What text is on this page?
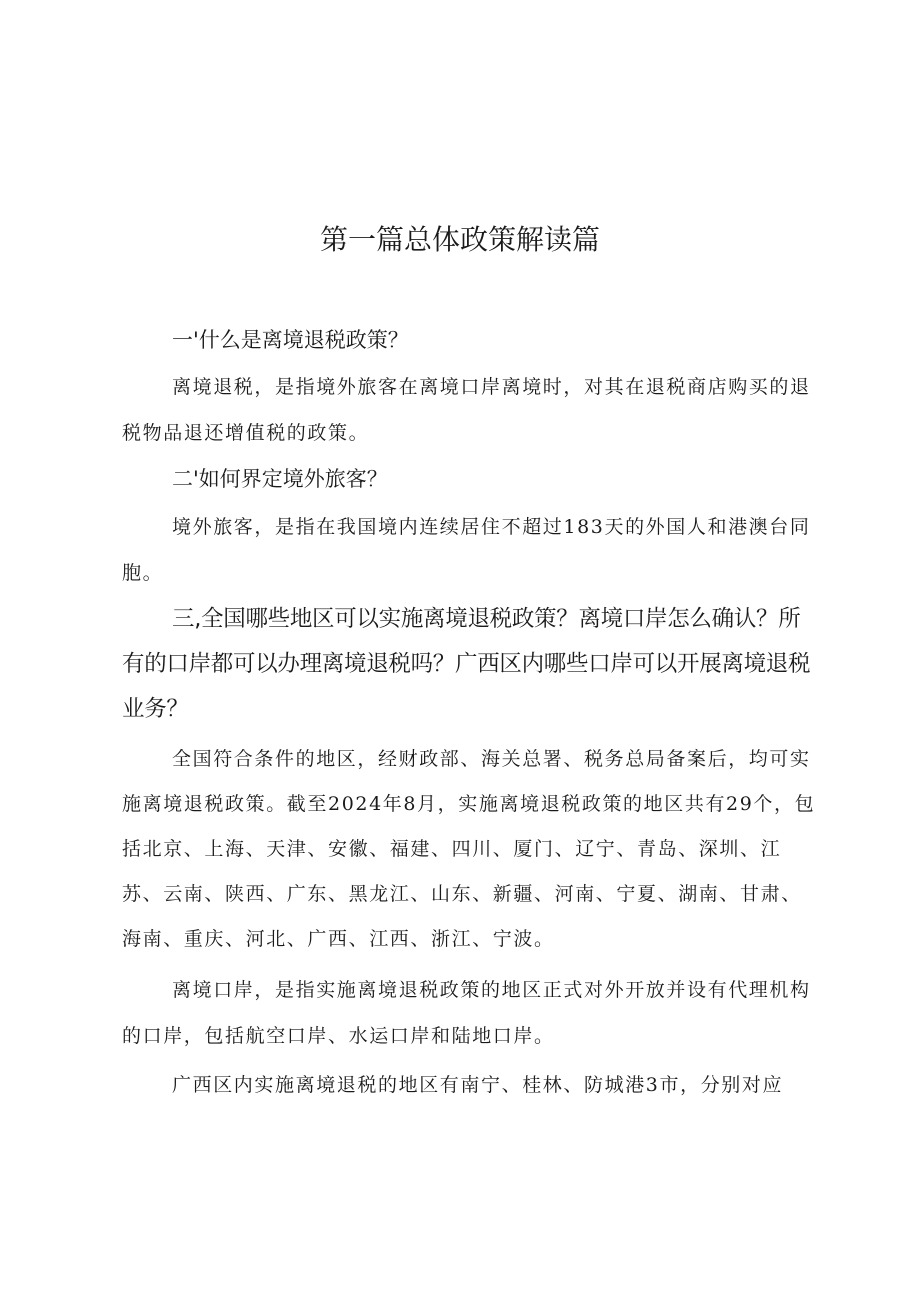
第一篇总体政策解读篇
一'什么是离境退税政策？

离境退税，是指境外旅客在离境口岸离境时，对其在退税商店购买的退税物品退还增值税的政策。

二'如何界定境外旅客？

境外旅客，是指在我国境内连续居住不超过183天的外国人和港澳台同胞。

三,全国哪些地区可以实施离境退税政策？离境口岸怎么确认？所有的口岸都可以办理离境退税吗？广西区内哪些口岸可以开展离境退税业务？

全国符合条件的地区，经财政部、海关总署、税务总局备案后，均可实施离境退税政策。截至2024年8月，实施离境退税政策的地区共有29个，包括北京、上海、天津、安徽、福建、四川、厦门、辽宁、青岛、深圳、江苏、云南、陕西、广东、黑龙江、山东、新疆、河南、宁夏、湖南、甘肃、海南、重庆、河北、广西、江西、浙江、宁波。

离境口岸，是指实施离境退税政策的地区正式对外开放并设有代理机构的口岸，包括航空口岸、水运口岸和陆地口岸。

广西区内实施离境退税的地区有南宁、桂林、防城港3市，分别对应
